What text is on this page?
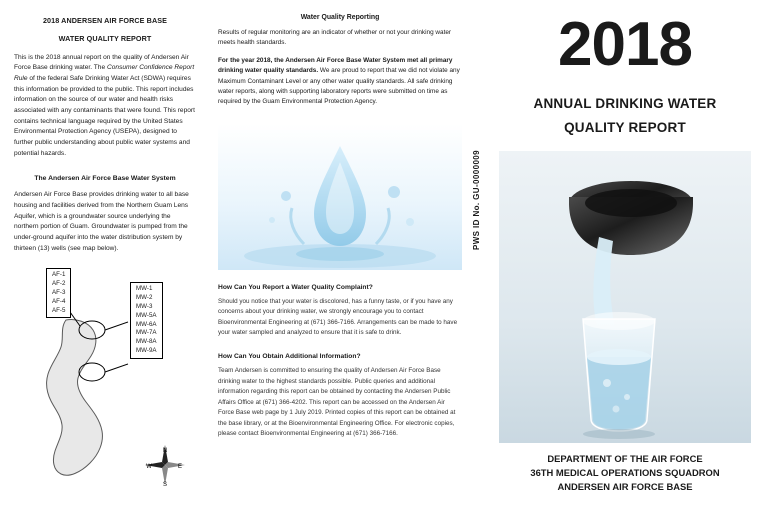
2018 ANDERSEN AIR FORCE BASE
WATER QUALITY REPORT
This is the 2018 annual report on the quality of Andersen Air Force Base drinking water. The Consumer Confidence Report Rule of the federal Safe Drinking Water Act (SDWA) requires this information be provided to the public. This report includes information on the source of our water and health risks associated with any contaminants that were found. This report contains technical language required by the United States Environmental Protection Agency (USEPA), designed to further public understanding about public water systems and potential hazards.
The Andersen Air Force Base Water System
Andersen Air Force Base provides drinking water to all base housing and facilities derived from the Northern Guam Lens Aquifer, which is a groundwater source underlying the northern portion of Guam. Groundwater is pumped from the under-ground aquifer into the water distribution system by thirteen (13) wells (see map below).
AF-1
AF-2
AF-3
AF-4
AF-5
MW-1
MW-2
MW-3
MW-5A
MW-6A
MW-7A
MW-8A
MW-9A
N
E
S
W
Water Quality Reporting
Results of regular monitoring are an indicator of whether or not your drinking water meets health standards.
For the year 2018, the Andersen Air Force Base Water System met all primary drinking water quality standards. We are proud to report that we did not violate any Maximum Contaminant Level or any other water quality standards. All safe drinking water reports, along with supporting laboratory reports were submitted on time as required by the Guam Environmental Protection Agency.
How Can You Report a Water Quality Complaint?
Should you notice that your water is discolored, has a funny taste, or if you have any concerns about your drinking water, we strongly encourage you to contact Bioenvironmental Engineering at (671) 366-7166. Arrangements can be made to have your water sampled and analyzed to ensure that it is safe to drink.
How Can You Obtain Additional Information?
Team Andersen is committed to ensuring the quality of Andersen Air Force Base drinking water to the highest standards possible. Public queries and additional information regarding this report can be obtained by contacting the Andersen Public Affairs Office at (671) 366-4202. This report can be accessed on the Andersen Air Force Base web page by 1 July 2019. Printed copies of this report can be obtained at the base library, or at the Bioenvironmental Engineering Office. For electronic copies, please contact Bioenvironmental Engineering at (671) 366-7166.
PWS ID No. GU-0000009
2018
ANNUAL DRINKING WATER
QUALITY REPORT
DEPARTMENT OF THE AIR FORCE
36TH MEDICAL OPERATIONS SQUADRON
ANDERSEN AIR FORCE BASE
